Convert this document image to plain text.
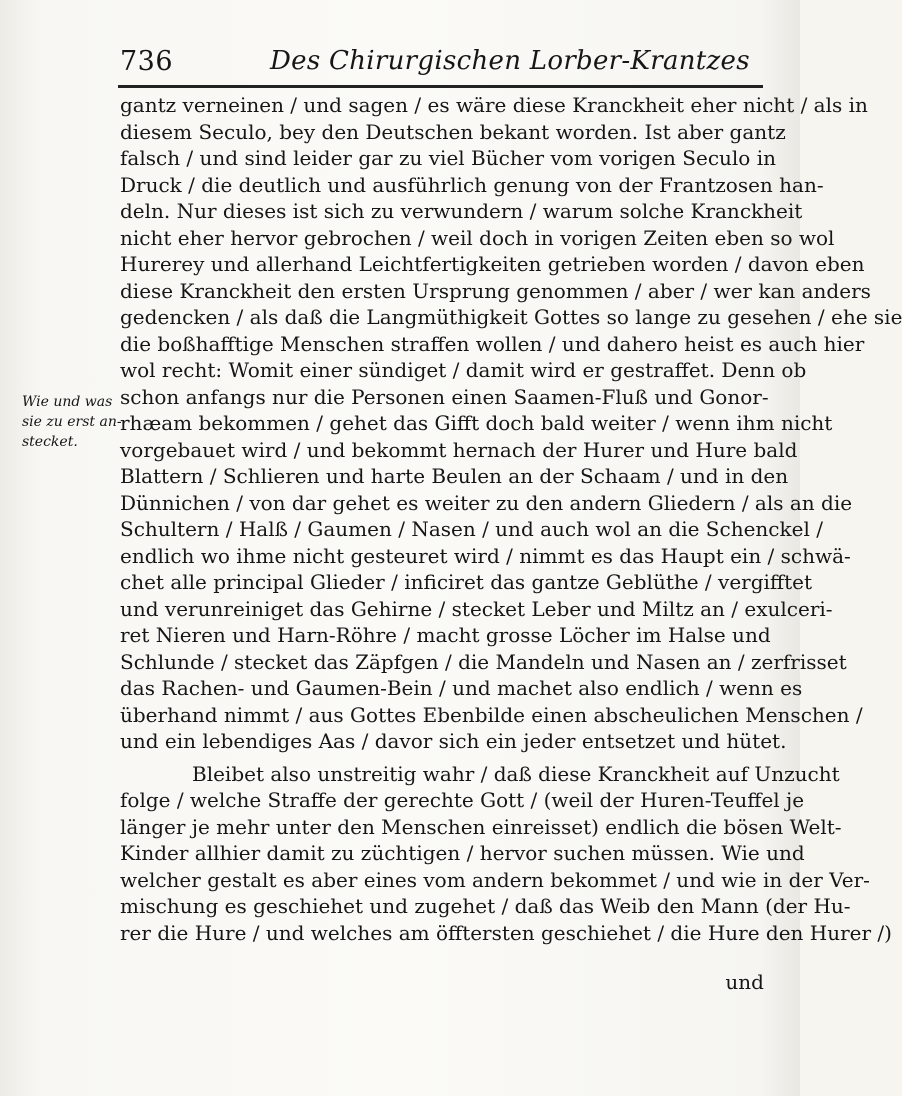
736	Des Chirurgischen Lorber-Krantzes
Wie und was
sie zu erst an-
stecket.
gantz verneinen / und sagen / es wäre diese Kranckheit eher nicht / als in
diesem Seculo, bey den Deutschen bekant worden. Ist aber gantz
falsch / und sind leider gar zu viel Bücher vom vorigen Seculo in
Druck / die deutlich und ausführlich genung von der Frantzosen han-
deln. Nur dieses ist sich zu verwundern / warum solche Kranckheit
nicht eher hervor gebrochen / weil doch in vorigen Zeiten eben so wol
Hurerey und allerhand Leichtfertigkeiten getrieben worden / davon eben
diese Kranckheit den ersten Ursprung genommen / aber / wer kan anders
gedencken / als daß die Langmüthigkeit Gottes so lange zu gesehen / ehe sie
die boßhafftige Menschen straffen wollen / und dahero heist es auch hier
wol recht: Womit einer sündiget / damit wird er gestraffet. Denn ob
schon anfangs nur die Personen einen Saamen-Fluß und Gonor-
rhæam bekommen / gehet das Gifft doch bald weiter / wenn ihm nicht
vorgebauet wird / und bekommt hernach der Hurer und Hure bald
Blattern / Schlieren und harte Beulen an der Schaam / und in den
Dünnichen / von dar gehet es weiter zu den andern Gliedern / als an die
Schultern / Halß / Gaumen / Nasen / und auch wol an die Schenckel /
endlich wo ihme nicht gesteuret wird / nimmt es das Haupt ein / schwä-
chet alle principal Glieder / inficiret das gantze Geblüthe / vergifftet
und verunreiniget das Gehirne / stecket Leber und Miltz an / exulceri-
ret Nieren und Harn-Röhre / macht grosse Löcher im Halse und
Schlunde / stecket das Zäpfgen / die Mandeln und Nasen an / zerfrisset
das Rachen- und Gaumen-Bein / und machet also endlich / wenn es
überhand nimmt / aus Gottes Ebenbilde einen abscheulichen Menschen /
und ein lebendiges Aas / davor sich ein jeder entsetzet und hütet.
Bleibet also unstreitig wahr / daß diese Kranckheit auf Unzucht
folge / welche Straffe der gerechte Gott / (weil der Huren-Teuffel je
länger je mehr unter den Menschen einreisset) endlich die bösen Welt-
Kinder allhier damit zu züchtigen / hervor suchen müssen. Wie und
welcher gestalt es aber eines vom andern bekommet / und wie in der Ver-
mischung es geschiehet und zugehet / daß das Weib den Mann (der Hu-
rer die Hure / und welches am öfftersten geschiehet / die Hure den Hurer /)
und
